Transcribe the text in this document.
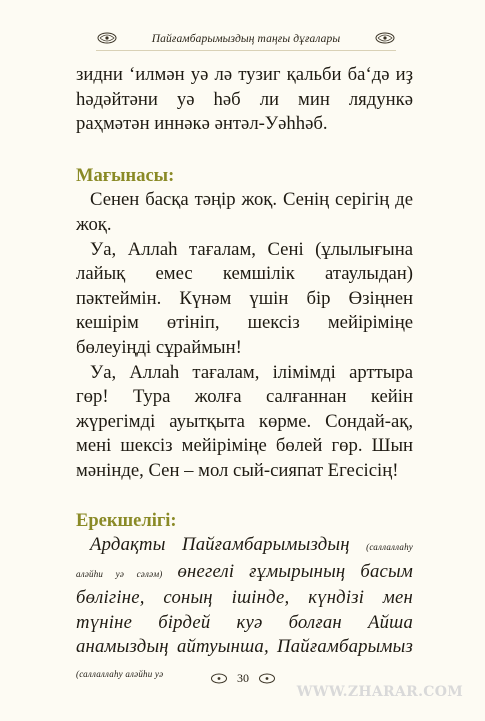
Пайғамбарымыздың таңғы дұғалары

зидни ‘илмән уә лә тузиг қальби ба‘дә иҙ һәдәйтәни уә һәб ли мин лядункә раҳмәтән иннәкә әнтәл-Уәһһәб.

Мағынасы:

Сенен басқа тәңір жоқ. Сенің серігің де жоқ.

Уа, Аллаһ тағалам, Сені (ұлылығына лайық емес кемшілік атаулыдан) пәктеймін. Күнәм үшін бір Өзіңнен кешірім өтініп, шексіз мейіріміңе бөлеуіңді сұраймын!

Уа, Аллаһ тағалам, ілімімді арттыра гөр! Тура жолға салғаннан кейін жүрегімді ауытқыта көрме. Сондай-ақ, мені шексіз мейіріміңе бөлей гөр. Шын мәнінде, Сен – мол сый-сияпат Егесісің!

Ерекшелігі:

Ардақты Пайғамбарымыздың (саллаллаһу аләйһи уә сәләм) өнегелі ғұмырының басым бөлігіне, соның ішінде, күндізі мен түніне бірдей куә болған Айша анамыздың айтуынша, Пайғамбарымыз (саллаллаһу аләйһи уә	30
WWW.ZHARAR.COM
